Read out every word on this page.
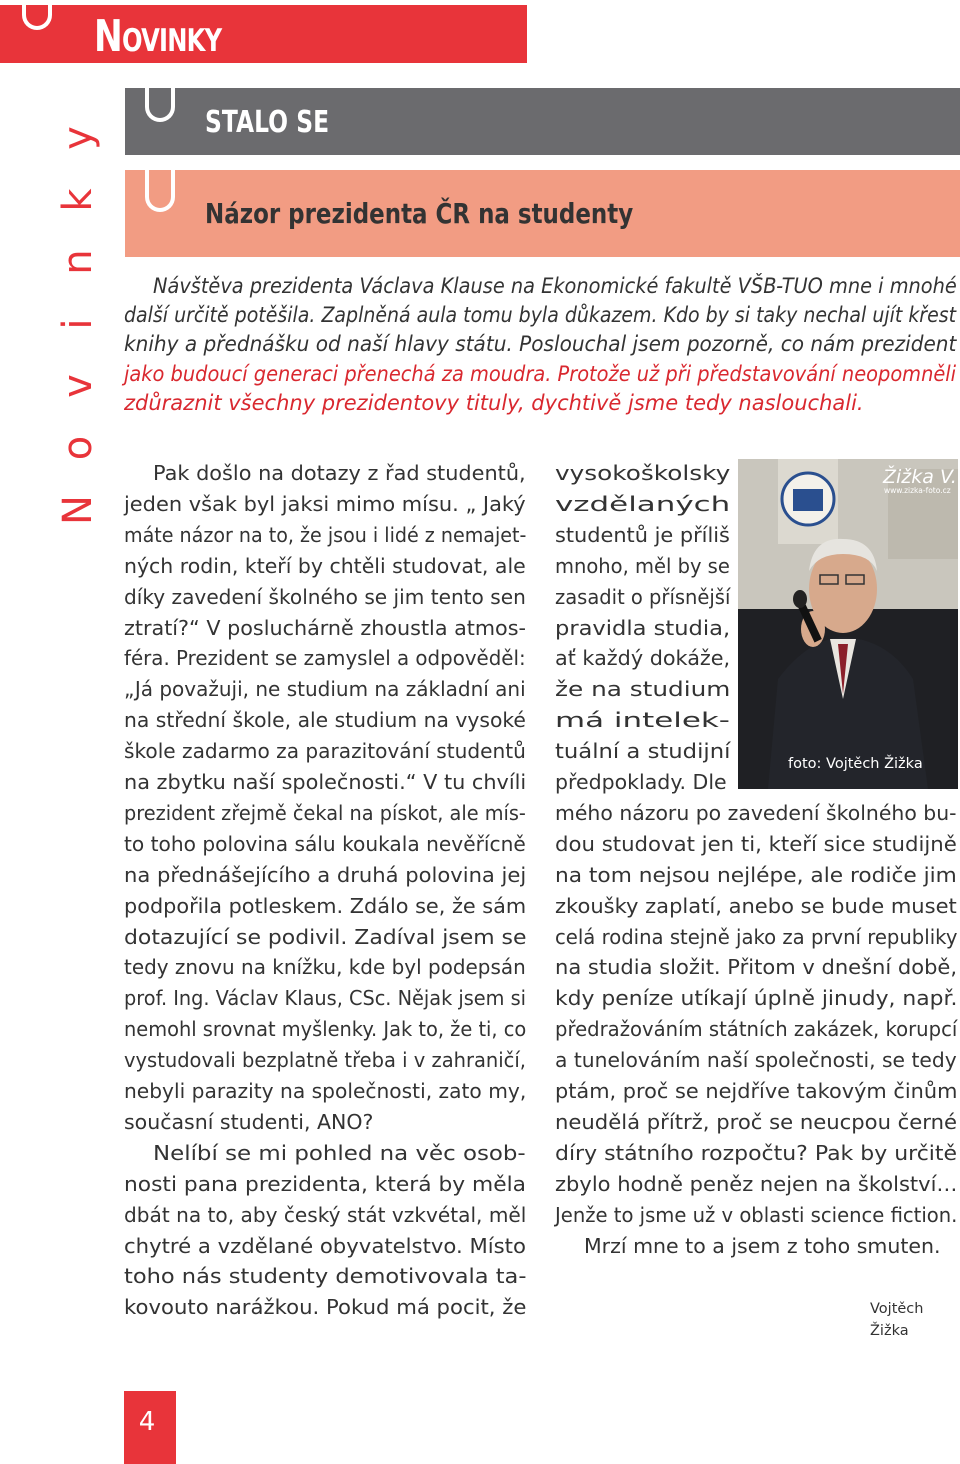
Novinky
N
o
v
i
n
k
y	STALO SE
Názor prezidenta ČR na studenty
Návštěva prezidenta Václava Klause na Ekonomické fakultě VŠB-TUO mne i mnohé
další určitě potěšila. Zaplněná aula tomu byla důkazem. Kdo by si taky nechal ujít křest
knihy a přednášku od naší hlavy státu. Poslouchal jsem pozorně, co nám prezident
jako budoucí generaci přenechá za moudra. Protože už při představování neopomněli
zdůraznit všechny prezidentovy tituly, dychtivě jsme tedy naslouchali.
Pak došlo na dotazy z řad studentů,
jeden však byl jaksi mimo mísu. „ Jaký
máte názor na to, že jsou i lidé z nemajet-
ných rodin, kteří by chtěli studovat, ale
díky zavedení školného se jim tento sen
ztratí?“ V posluchárně zhoustla atmos-
féra. Prezident se zamyslel a odpověděl:
„Já považuji, ne studium na základní ani
na střední škole, ale studium na vysoké
škole zadarmo za parazitování studentů
na zbytku naší společnosti.“ V tu chvíli
prezident zřejmě čekal na pískot, ale mís-
to toho polovina sálu koukala nevěřícně
na přednášejícího a druhá polovina jej
podpořila potleskem. Zdálo se, že sám
dotazující se podivil. Zadíval jsem se
tedy znovu na knížku, kde byl podepsán
prof. Ing. Václav Klaus, CSc. Nějak jsem si
nemohl srovnat myšlenky. Jak to, že ti, co
vystudovali bezplatně třeba i v zahraničí,
nebyli parazity na společnosti, zato my,
současní studenti, ANO?
Nelíbí se mi pohled na věc osob-
nosti pana prezidenta, která by měla
dbát na to, aby český stát vzkvétal, měl
chytré a vzdělané obyvatelstvo. Místo
toho nás studenty demotivovala ta-
kovouto narážkou. Pokud má pocit, že
vysokoškolsky
vzdělaných
studentů je příliš
mnoho, měl by se
zasadit o přísnější
pravidla studia,
ať každý dokáže,
že na studium
má intelek-
tuální a studijní
předpoklady. Dle
mého názoru po zavedení školného bu-
dou studovat jen ti, kteří sice studijně
na tom nejsou nejlépe, ale rodiče jim
zkoušky zaplatí, anebo se bude muset
celá rodina stejně jako za první republiky
na studia složit. Přitom v dnešní době,
kdy peníze utíkají úplně jinudy, např.
předražováním státních zakázek, korupcí
a tunelováním naší společnosti, se tedy
ptám, proč se nejdříve takovým činům
neudělá přítrž, proč se neucpou černé
díry státního rozpočtu? Pak by určitě
zbylo hodně peněz nejen na školství…
Jenže to jsme už v oblasti science fiction.
Mrzí mne to a jsem z toho smuten.
Žižka V.
www.zizka-foto.cz
foto: Vojtěch Žižka
Vojtěch Žižka
4
